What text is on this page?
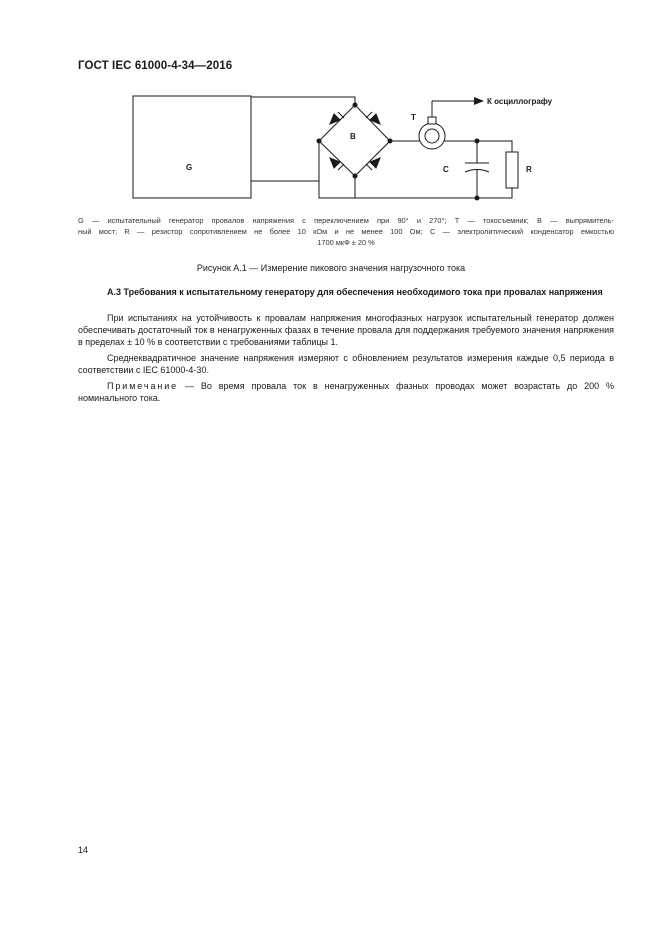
ГОСТ IEC 61000-4-34—2016
G
B
T
К осциллографу
C	R
G — испытательный генератор провалов напряжения с переключением при 90° и 270°; T — токосъемник; B — выпрямитель-
ный мост; R — резистор сопротивлением не более 10 кОм и не менее 100 Ом; C — электролитический конденсатор емкостью
1700 мкФ ± 20 %
Рисунок А.1 — Измерение пикового значения нагрузочного тока
А.3 Требования к испытательному генератору для обеспечения необходимого тока при провалах напряжения
При испытаниях на устойчивость к провалам напряжения многофазных нагрузок испытательный генератор должен обеспечивать достаточный ток в ненагруженных фазах в течение провала для поддержания требуемого значения напряжения в пределах ± 10 % в соответствии с требованиями таблицы 1.
Среднеквадратичное значение напряжения измеряют с обновлением результатов измерения каждые 0,5 периода в соответствии с IEC 61000-4-30.
Примечание — Во время провала ток в ненагруженных фазных проводах может возрастать до 200 % номинального тока.
14
